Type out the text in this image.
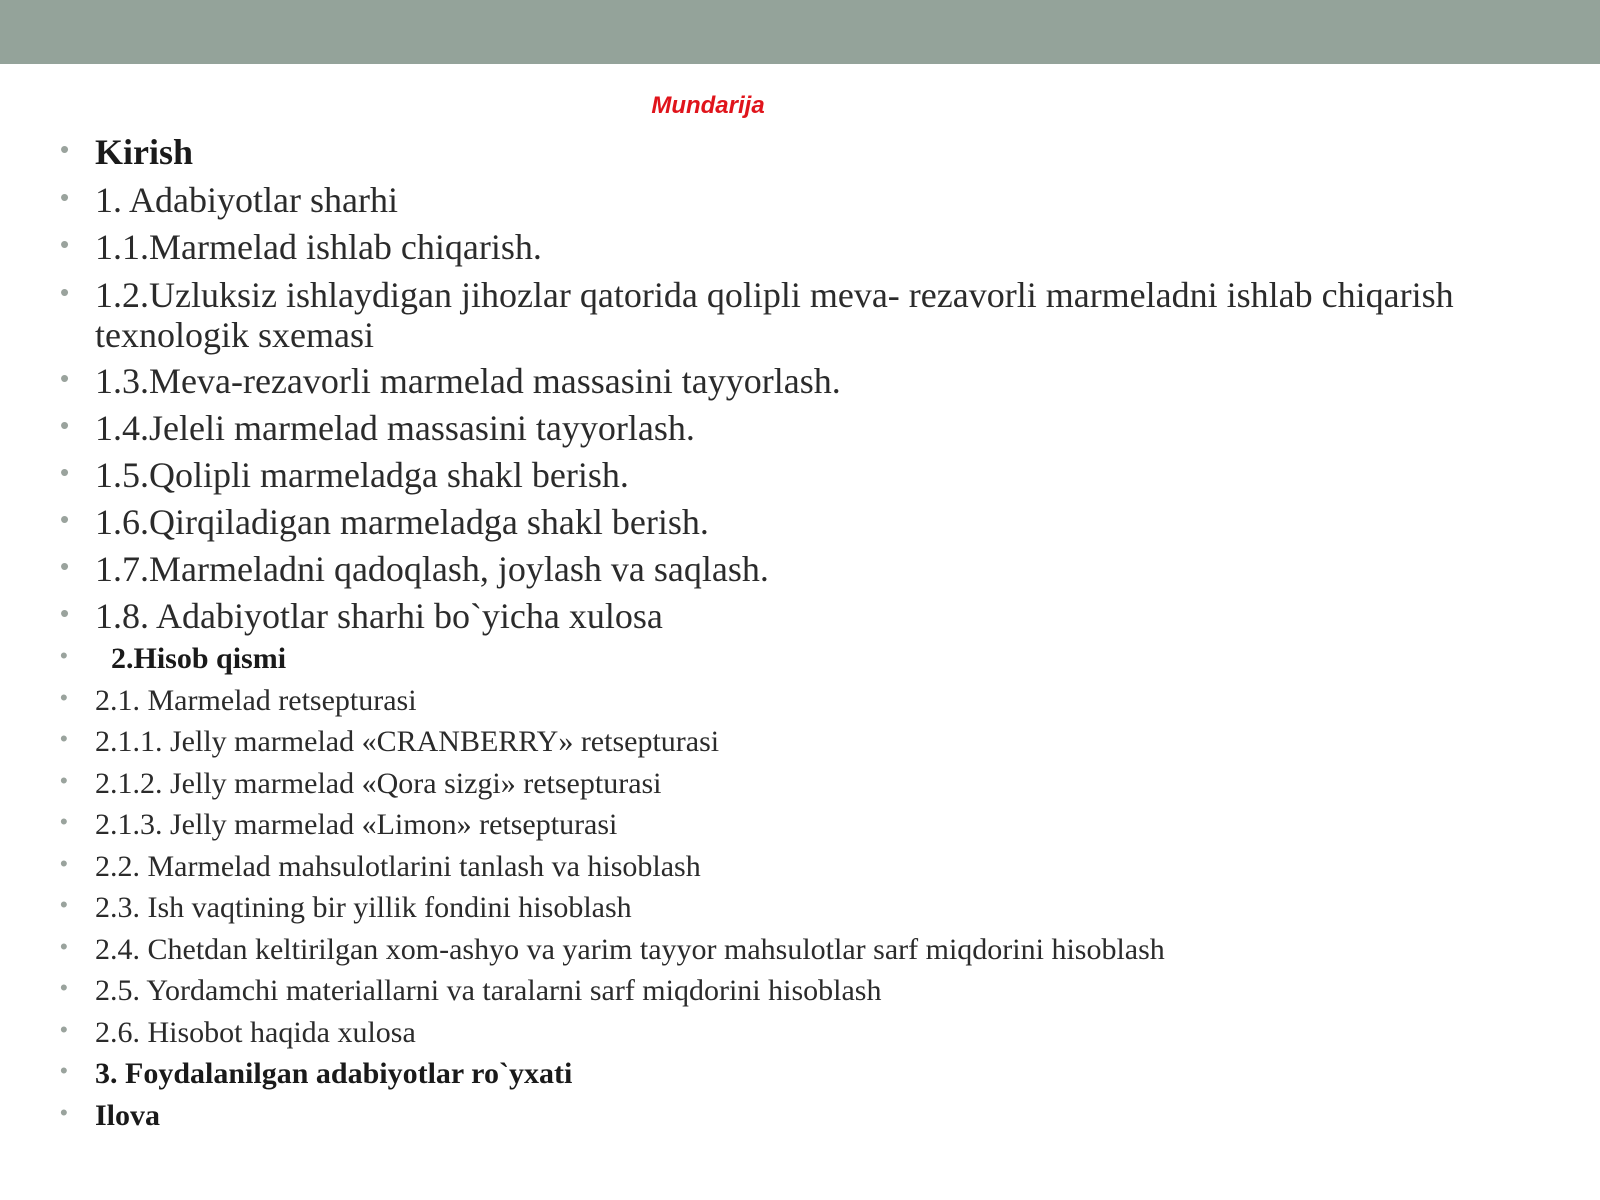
Mundarija
• Kirish
• 1. Adabiyotlar sharhi
• 1.1.Marmelad ishlab chiqarish.
• 1.2.Uzluksiz ishlaydigan jihozlar qatorida qolipli meva- rezavorli marmeladni ishlab chiqarish texnologik sxemasi
• 1.3.Meva-rezavorli marmelad massasini tayyorlash.
• 1.4.Jeleli marmelad massasini tayyorlash.
• 1.5.Qolipli marmeladga shakl berish.
• 1.6.Qirqiladigan marmeladga shakl berish.
• 1.7.Marmeladni qadoqlash, joylash va saqlash.
• 1.8. Adabiyotlar sharhi bo`yicha xulosa
• 2.Hisob qismi
• 2.1. Marmelad retsepturasi
• 2.1.1. Jelly marmelad «CRANBERRY» retsepturasi
• 2.1.2. Jelly marmelad «Qora sizgi» retsepturasi
• 2.1.3. Jelly marmelad «Limon» retsepturasi
• 2.2. Marmelad mahsulotlarini tanlash va hisoblash
• 2.3. Ish vaqtining bir yillik fondini hisoblash
• 2.4. Chetdan keltirilgan xom-ashyo va yarim tayyor mahsulotlar sarf miqdorini hisoblash
• 2.5. Yordamchi materiallarni va taralarni sarf miqdorini hisoblash
• 2.6. Hisobot haqida xulosa
• 3. Foydalanilgan adabiyotlar ro`yxati
• Ilova
